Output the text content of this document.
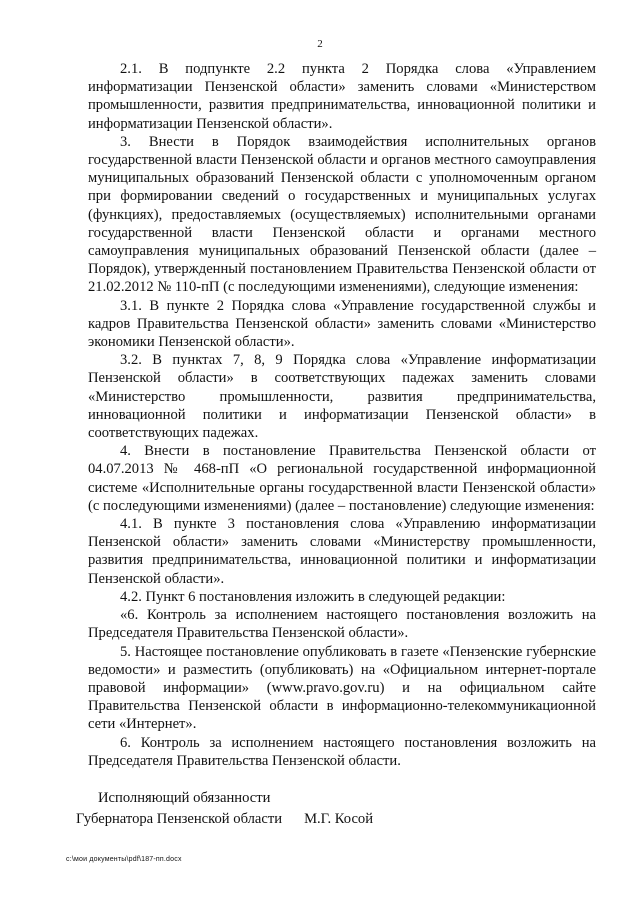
2

2.1. В подпункте 2.2 пункта 2 Порядка слова «Управлением информатизации Пензенской области» заменить словами «Министерством промышленности, развития предпринимательства, инновационной политики и информатизации Пензенской области».

3. Внести в Порядок взаимодействия исполнительных органов государственной власти Пензенской области и органов местного самоуправления муниципальных образований Пензенской области с уполномоченным органом при формировании сведений о государственных и муниципальных услугах (функциях), предоставляемых (осуществляемых) исполнительными органами государственной власти Пензенской области и органами местного самоуправления муниципальных образований Пензенской области (далее – Порядок), утвержденный постановлением Правительства Пензенской области от 21.02.2012 № 110-пП (с последующими изменениями), следующие изменения:

3.1. В пункте 2 Порядка слова «Управление государственной службы и кадров Правительства Пензенской области» заменить словами «Министерство экономики Пензенской области».

3.2. В пунктах 7, 8, 9 Порядка слова «Управление информатизации Пензенской области» в соответствующих падежах заменить словами «Министерство промышленности, развития предпринимательства, инновационной политики и информатизации Пензенской области» в соответствующих падежах.

4. Внести в постановление Правительства Пензенской области от 04.07.2013 № 468-пП «О региональной государственной информационной системе «Исполнительные органы государственной власти Пензенской области» (с последующими изменениями) (далее – постановление) следующие изменения:

4.1. В пункте 3 постановления слова «Управлению информатизации Пензенской области» заменить словами «Министерству промышленности, развития предпринимательства, инновационной политики и информатизации Пензенской области».

4.2. Пункт 6 постановления изложить в следующей редакции:

«6. Контроль за исполнением настоящего постановления возложить на Председателя Правительства Пензенской области».

5. Настоящее постановление опубликовать в газете «Пензенские губернские ведомости» и разместить (опубликовать) на «Официальном интернет-портале правовой информации» (www.pravo.gov.ru) и на официальном сайте Правительства Пензенской области в информационно-телекоммуникационной сети «Интернет».

6. Контроль за исполнением настоящего постановления возложить на Председателя Правительства Пензенской области.

Исполняющий обязанности
Губернатора Пензенской области М.Г. Косой
c:\мои документы\pdf\187-пп.docx
